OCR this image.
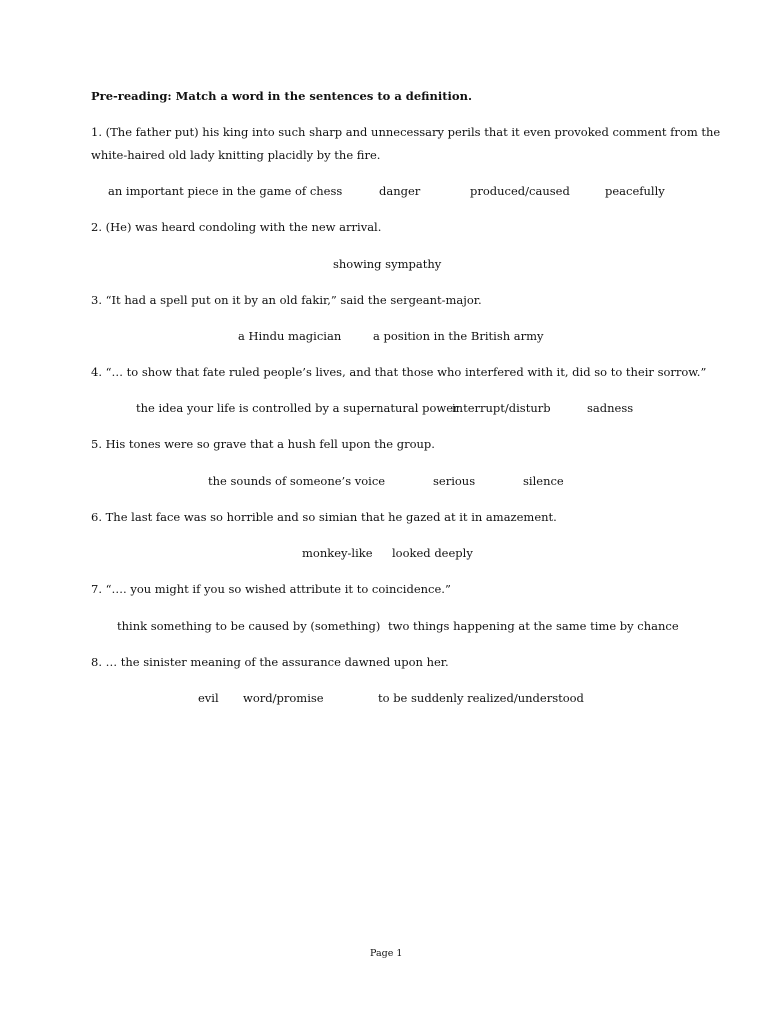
Pre-reading: Match a word in the sentences to a definition.
1. (The father put) his king into such sharp and unnecessary perils that it even provoked comment from the
white-haired old lady knitting placidly by the fire.
an important piece in the game of chess	danger	produced/caused	peacefully
2. (He) was heard condoling with the new arrival.
showing sympathy
3. “It had a spell put on it by an old fakir,” said the sergeant-major.
a Hindu magician	a position in the British army
4. “… to show that fate ruled people’s lives, and that those who interfered with it, did so to their sorrow.”
the idea your life is controlled by a supernatural power
interrupt/disturb	sadness
5. His tones were so grave that a hush fell upon the group.
the sounds of someone’s voice	serious	silence
6. The last face was so horrible and so simian that he gazed at it in amazement.
monkey-like looked deeply
7. “…. you might if you so wished attribute it to coincidence.”
think something to be caused by (something) two things happening at the same time by chance
8. … the sinister meaning of the assurance dawned upon her.
evil word/promise	to be suddenly realized/understood
Page 1
